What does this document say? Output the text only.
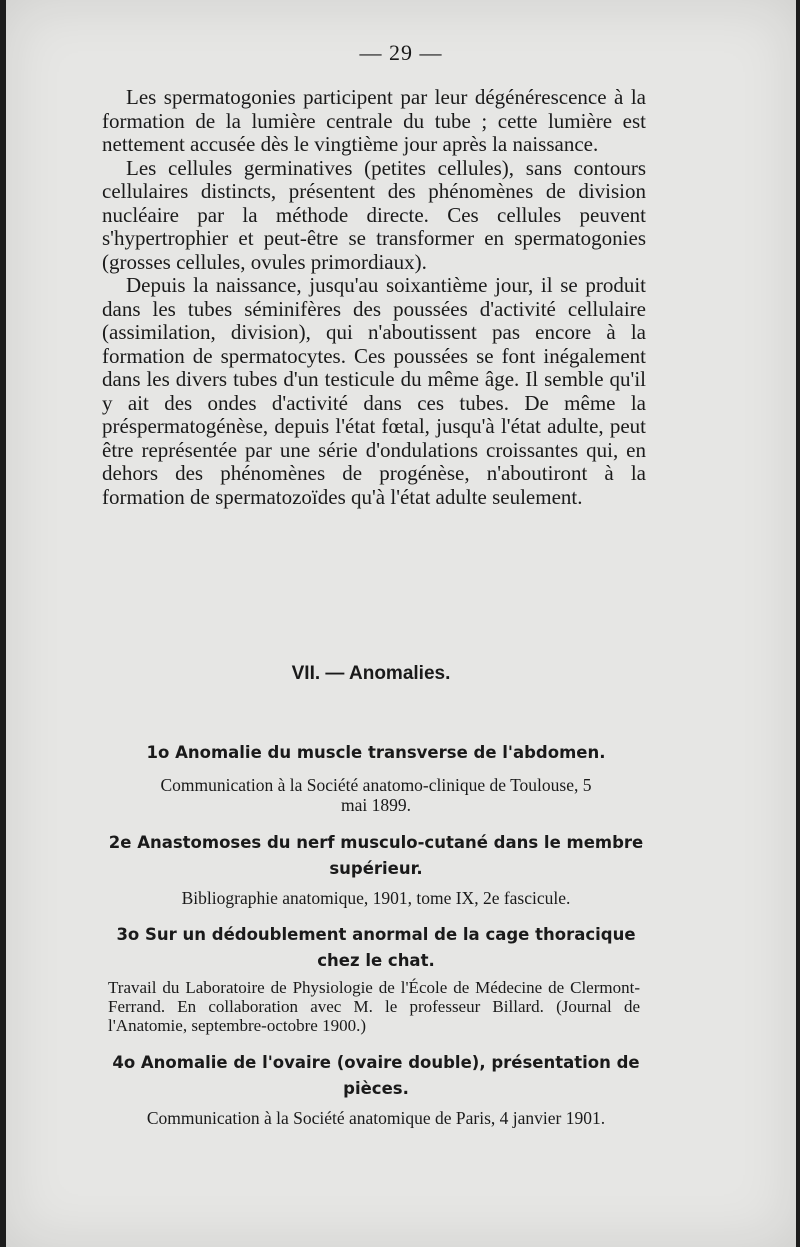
— 29 —

Les spermatogonies participent par leur dégénérescence à la formation de la lumière centrale du tube ; cette lumière est nettement accusée dès le vingtième jour après la naissance.

Les cellules germinatives (petites cellules), sans contours cellulaires distincts, présentent des phénomènes de division nucléaire par la méthode directe. Ces cellules peuvent s'hypertrophier et peut-être se transformer en spermatogonies (grosses cellules, ovules primordiaux).

Depuis la naissance, jusqu'au soixantième jour, il se produit dans les tubes séminifères des poussées d'activité cellulaire (assimilation, division), qui n'aboutissent pas encore à la formation de spermatocytes. Ces poussées se font inégalement dans les divers tubes d'un testicule du même âge. Il semble qu'il y ait des ondes d'activité dans ces tubes. De même la préspermatogénèse, depuis l'état fœtal, jusqu'à l'état adulte, peut être représentée par une série d'ondulations croissantes qui, en dehors des phénomènes de progénèse, n'aboutiront à la formation de spermatozoïdes qu'à l'état adulte seulement.

VII. — Anomalies.
1o Anomalie du muscle transverse de l'abdomen.
Communication à la Société anatomo-clinique de Toulouse, 5 mai 1899.
2e Anastomoses du nerf musculo-cutané dans le membre supérieur.
Bibliographie anatomique, 1901, tome IX, 2e fascicule.
3o Sur un dédoublement anormal de la cage thoracique chez le chat.
Travail du Laboratoire de Physiologie de l'École de Médecine de Clermont-Ferrand. En collaboration avec M. le professeur Billard. (Journal de l'Anatomie, septembre-octobre 1900.)
4o Anomalie de l'ovaire (ovaire double), présentation de pièces.
Communication à la Société anatomique de Paris, 4 janvier 1901.
